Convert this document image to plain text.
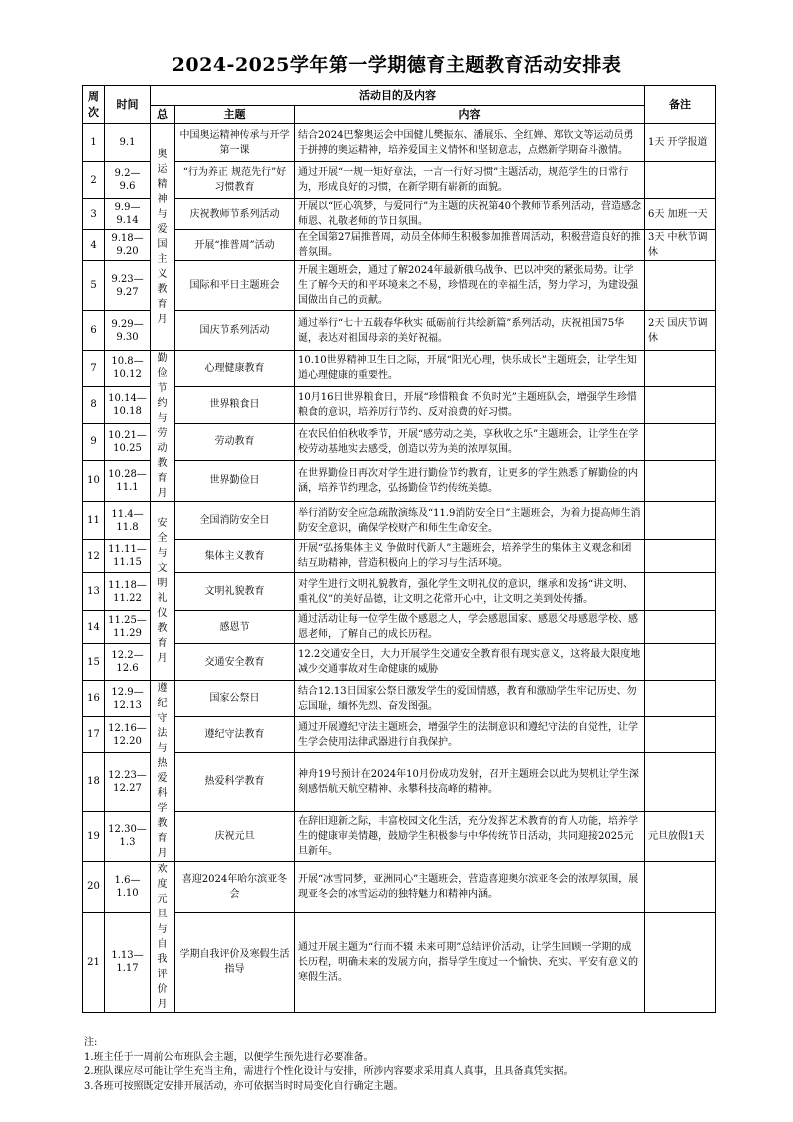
2024-2025学年第一学期德育主题教育活动安排表
周次	时间	活动目的及内容			备注
		总	主题	内容	
1	9.1	奥运精神与爱国主义教育月	中国奥运精神传承与开学第一课	结合2024巴黎奥运会中国健儿樊振东、潘展乐、全红婵、郑钦文等运动员勇于拼搏的奥运精神，培养爱国主义情怀和坚韧意志，点燃新学期奋斗激情。	1天 开学报道
2	9.2—9.6		“行为养正 规范先行”好习惯教育	通过开展“一规一矩好章法，一言一行好习惯”主题活动，规范学生的日常行为，形成良好的习惯，在新学期有崭新的面貌。	
3	9.9—9.14		庆祝教师节系列活动	开展以“匠心筑梦，与爱同行”为主题的庆祝第40个教师节系列活动，营造感念师恩、礼敬老师的节日氛围。	6天 加班一天
4	9.18—9.20		开展“推普周”活动	在全国第27届推普周，动员全体师生积极参加推普周活动，积极营造良好的推普氛围。	3天 中秋节调休
5	9.23—9.27		国际和平日主题班会	开展主题班会，通过了解2024年最新俄乌战争、巴以冲突的紧张局势。让学生了解今天的和平环境来之不易，珍惜现在的幸福生活，努力学习，为建设强国做出自己的贡献。	
6	9.29—9.30		国庆节系列活动	通过举行“七十五载春华秋实 砥砺前行共绘新篇”系列活动，庆祝祖国75华诞，表达对祖国母亲的美好祝福。	2天 国庆节调休
7	10.8—10.12	勤俭节约与劳动教育月	心理健康教育	10.10世界精神卫生日之际，开展“阳光心理，快乐成长”主题班会，让学生知道心理健康的重要性。	
8	10.14—10.18		世界粮食日	10月16日世界粮食日，开展“珍惜粮食 不负时光”主题班队会，增强学生珍惜粮食的意识，培养厉行节约、反对浪费的好习惯。	
9	10.21—10.25		劳动教育	在农民伯伯秋收季节，开展“感劳动之美，享秋收之乐”主题班会，让学生在学校劳动基地实去感受，创造以劳为美的浓厚氛围。	
10	10.28—11.1		世界勤俭日	在世界勤俭日再次对学生进行勤俭节约教育，让更多的学生熟悉了解勤俭的内涵，培养节约理念，弘扬勤俭节约传统美德。	
11	11.4—11.8	安全与文明礼仪教育月	全国消防安全日	举行消防安全应急疏散演练及“11.9消防安全日”主题班会，为着力提高师生消防安全意识，确保学校财产和师生生命安全。	
12	11.11—11.15		集体主义教育	开展“弘扬集体主义 争做时代新人”主题班会，培养学生的集体主义观念和团结互助精神，营造积极向上的学习与生活环境。	
13	11.18—11.22		文明礼貌教育	对学生进行文明礼貌教育，强化学生文明礼仪的意识，继承和发扬“讲文明、重礼仪”的美好品德，让文明之花常开心中，让文明之美到处传播。	
14	11.25—11.29		感恩节	通过活动让每一位学生做个感恩之人，学会感恩国家、感恩父母感恩学校、感恩老师，了解自己的成长历程。	
15	12.2—12.6		交通安全教育	12.2交通安全日，大力开展学生交通安全教育很有现实意义，这将最大限度地减少交通事故对生命健康的威胁	
16	12.9—12.13	遵纪守法与热爱科学教育月	国家公祭日	结合12.13日国家公祭日激发学生的爱国情感，教育和激励学生牢记历史、勿忘国耻，缅怀先烈、奋发图强。	
17	12.16—12.20		遵纪守法教育	通过开展遵纪守法主题班会，增强学生的法制意识和遵纪守法的自觉性，让学生学会使用法律武器进行自我保护。	
18	12.23—12.27		热爱科学教育	神舟19号预计在2024年10月份成功发射，召开主题班会以此为契机让学生深刻感悟航天航空精神、永攀科技高峰的精神。	
19	12.30—1.3		庆祝元旦	在辞旧迎新之际，丰富校园文化生活，充分发挥艺术教育的育人功能，培养学生的健康审美情趣，鼓励学生积极参与中华传统节日活动，共同迎接2025元旦新年。	元旦放假1天
20	1.6—1.10	欢度元旦与自我评价月	喜迎2024年哈尔滨亚冬会	开展“冰雪同梦，亚洲同心”主题班会，营造喜迎奥尔滨亚冬会的浓厚氛围，展现亚冬会的冰雪运动的独特魅力和精神内涵。	
21	1.13—1.17		学期自我评价及寒假生活指导	通过开展主题为“行而不辍 未来可期”总结评价活动，让学生回顾一学期的成长历程，明确未来的发展方向，指导学生度过一个愉快、充实、平安有意义的寒假生活。	
注:
1.班主任于一周前公布班队会主题，以便学生预先进行必要准备。
2.班队课应尽可能让学生充当主角，需进行个性化设计与安排，所涉内容要求采用真人真事，且具备真凭实据。
3.各班可按照既定安排开展活动，亦可依据当时时局变化自行确定主题。
